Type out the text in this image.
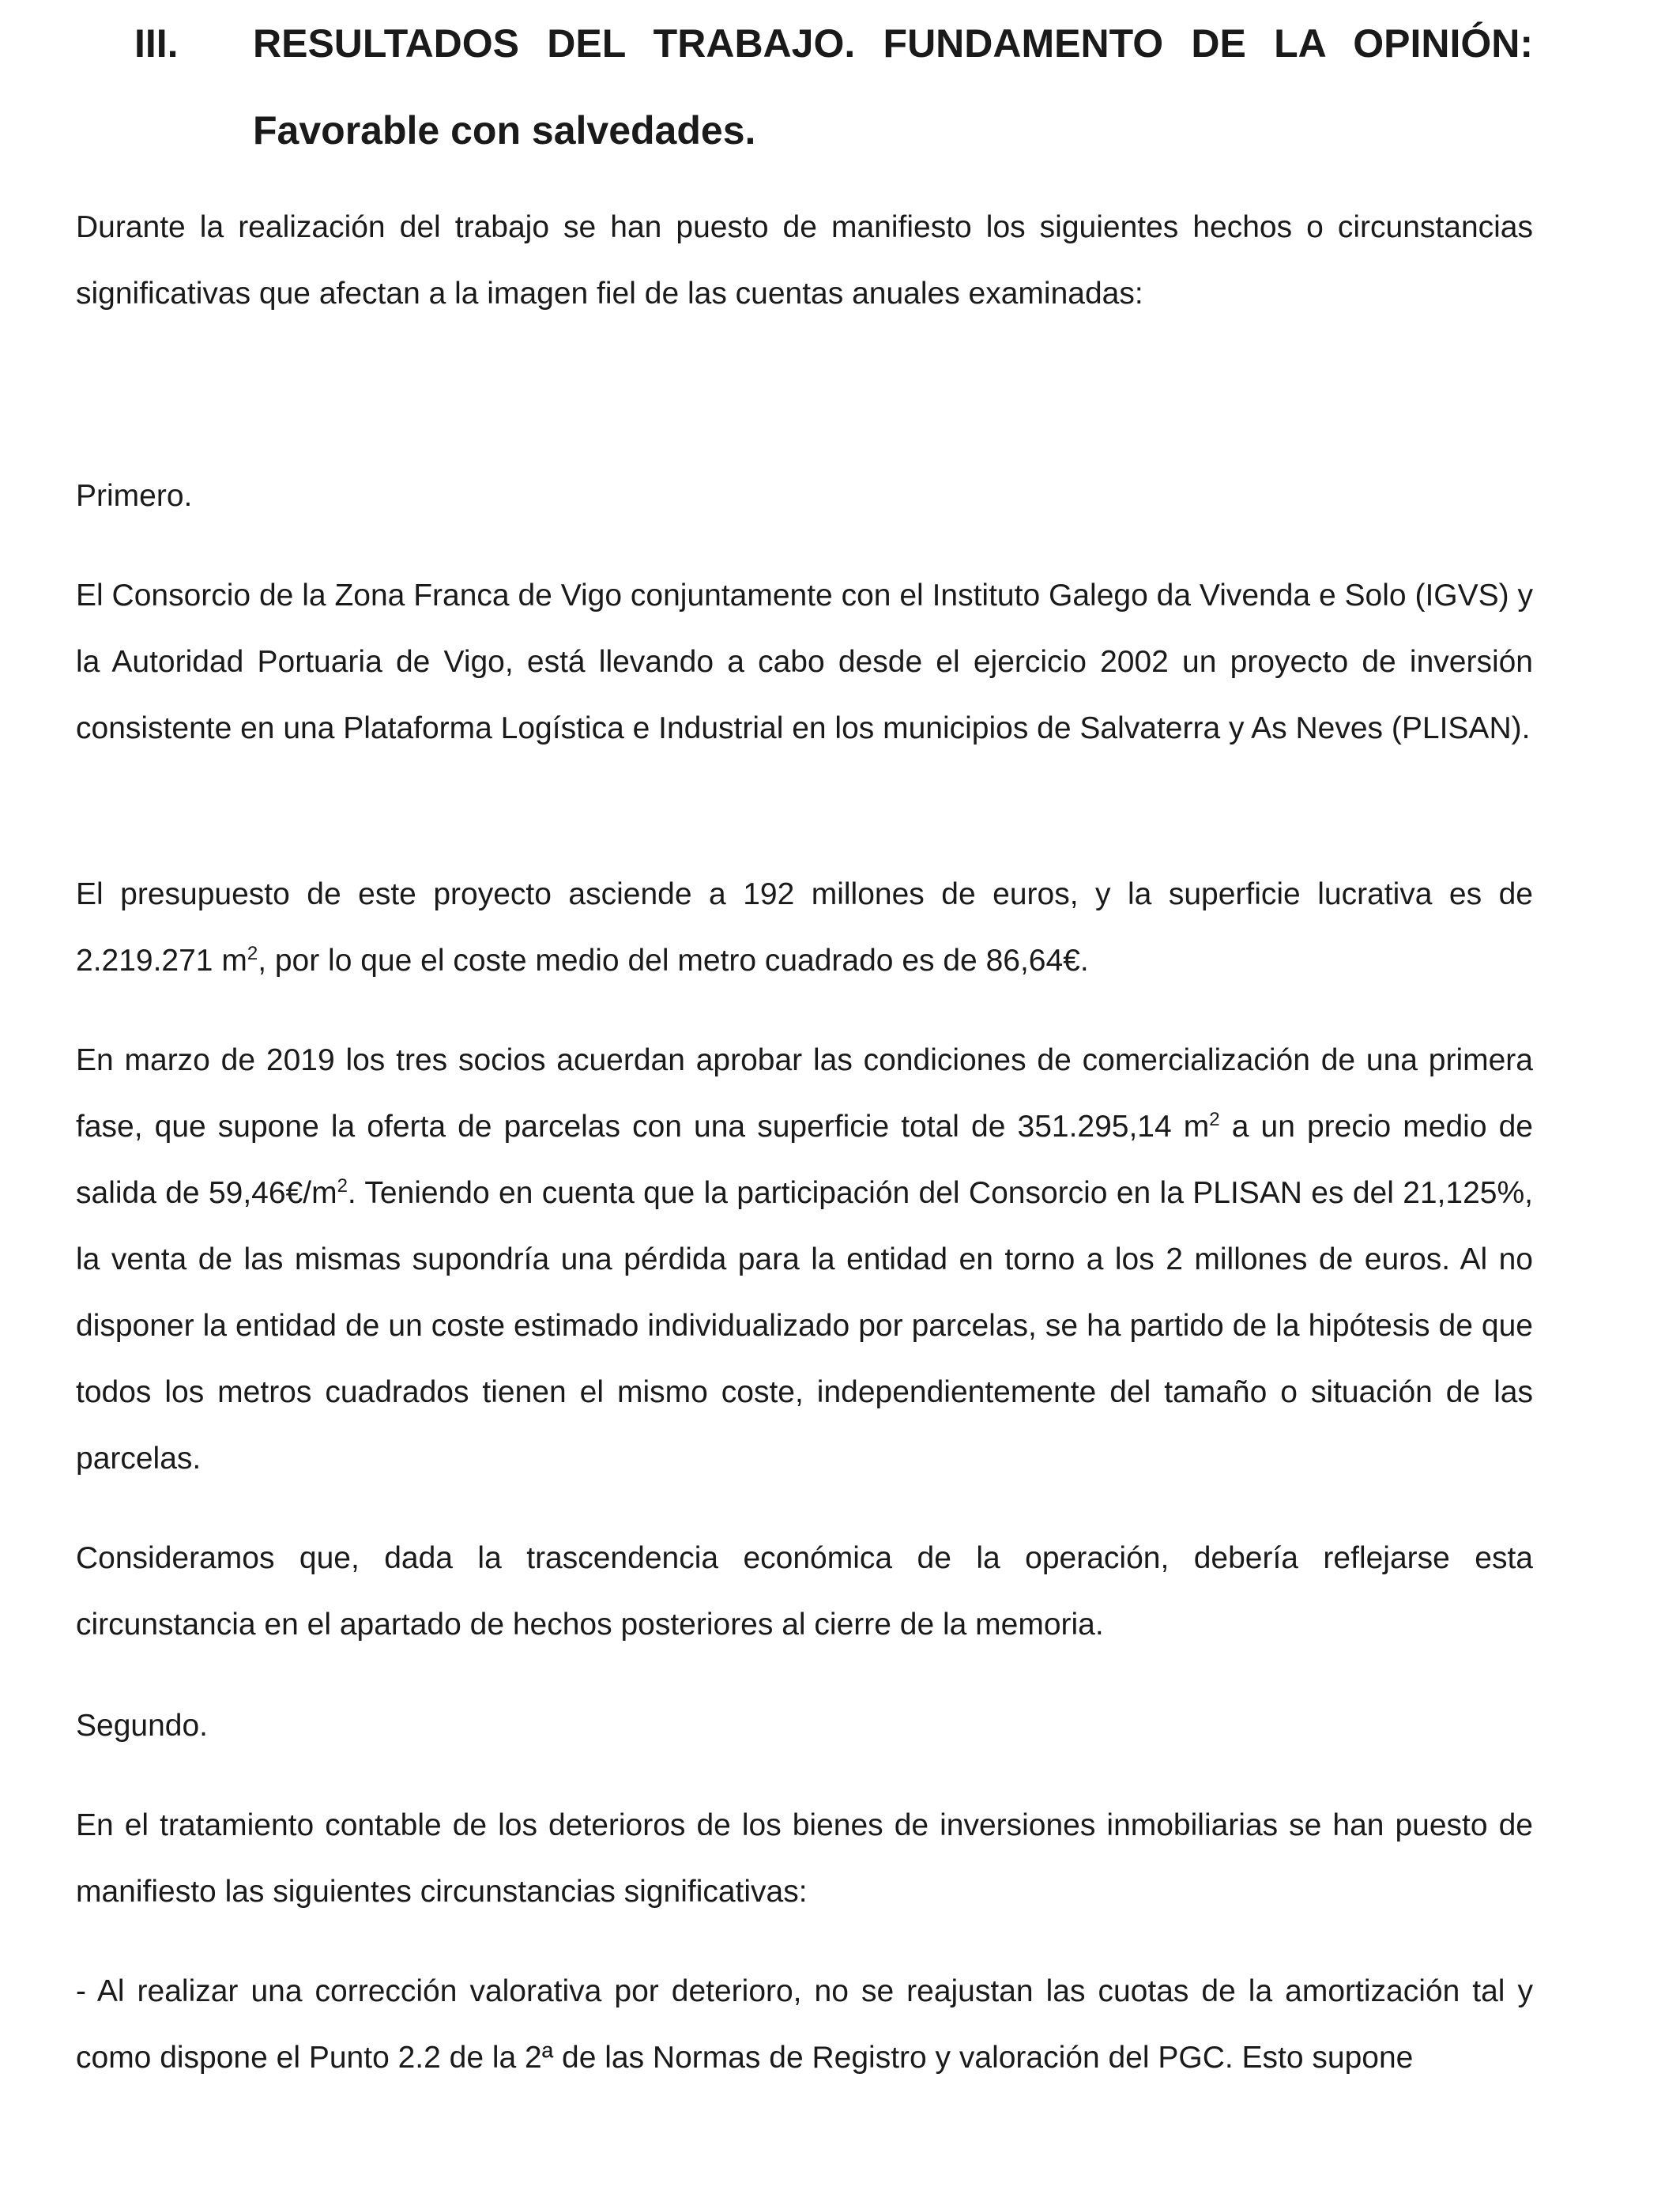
III. RESULTADOS DEL TRABAJO. FUNDAMENTO DE LA OPINIÓN:
Favorable con salvedades.

Durante la realización del trabajo se han puesto de manifiesto los siguientes hechos o circunstancias significativas que afectan a la imagen fiel de las cuentas anuales examinadas:

Primero.

El Consorcio de la Zona Franca de Vigo conjuntamente con el Instituto Galego da Vivenda e Solo (IGVS) y la Autoridad Portuaria de Vigo, está llevando a cabo desde el ejercicio 2002 un proyecto de inversión consistente en una Plataforma Logística e Industrial en los municipios de Salvaterra y As Neves (PLISAN).

El presupuesto de este proyecto asciende a 192 millones de euros, y la superficie lucrativa es de 2.219.271 $m^2$, por lo que el coste medio del metro cuadrado es de 86,64€.

En marzo de 2019 los tres socios acuerdan aprobar las condiciones de comercialización de una primera fase, que supone la oferta de parcelas con una superficie total de 351.295,14 $m^2$ a un precio medio de salida de $59,46€/m^2$. Teniendo en cuenta que la participación del Consorcio en la PLISAN es del 21,125%, la venta de las mismas supondría una pérdida para la entidad en torno a los 2 millones de euros. Al no disponer la entidad de un coste estimado individualizado por parcelas, se ha partido de la hipótesis de que todos los metros cuadrados tienen el mismo coste, independientemente del tamaño o situación de las parcelas.

Consideramos que, dada la trascendencia económica de la operación, debería reflejarse esta circunstancia en el apartado de hechos posteriores al cierre de la memoria.

Segundo.

En el tratamiento contable de los deterioros de los bienes de inversiones inmobiliarias se han puesto de manifiesto las siguientes circunstancias significativas:

- Al realizar una corrección valorativa por deterioro, no se reajustan las cuotas de la amortización tal y como dispone el Punto 2.2 de la 2ª de las Normas de Registro y valoración del PGC. Esto supone
